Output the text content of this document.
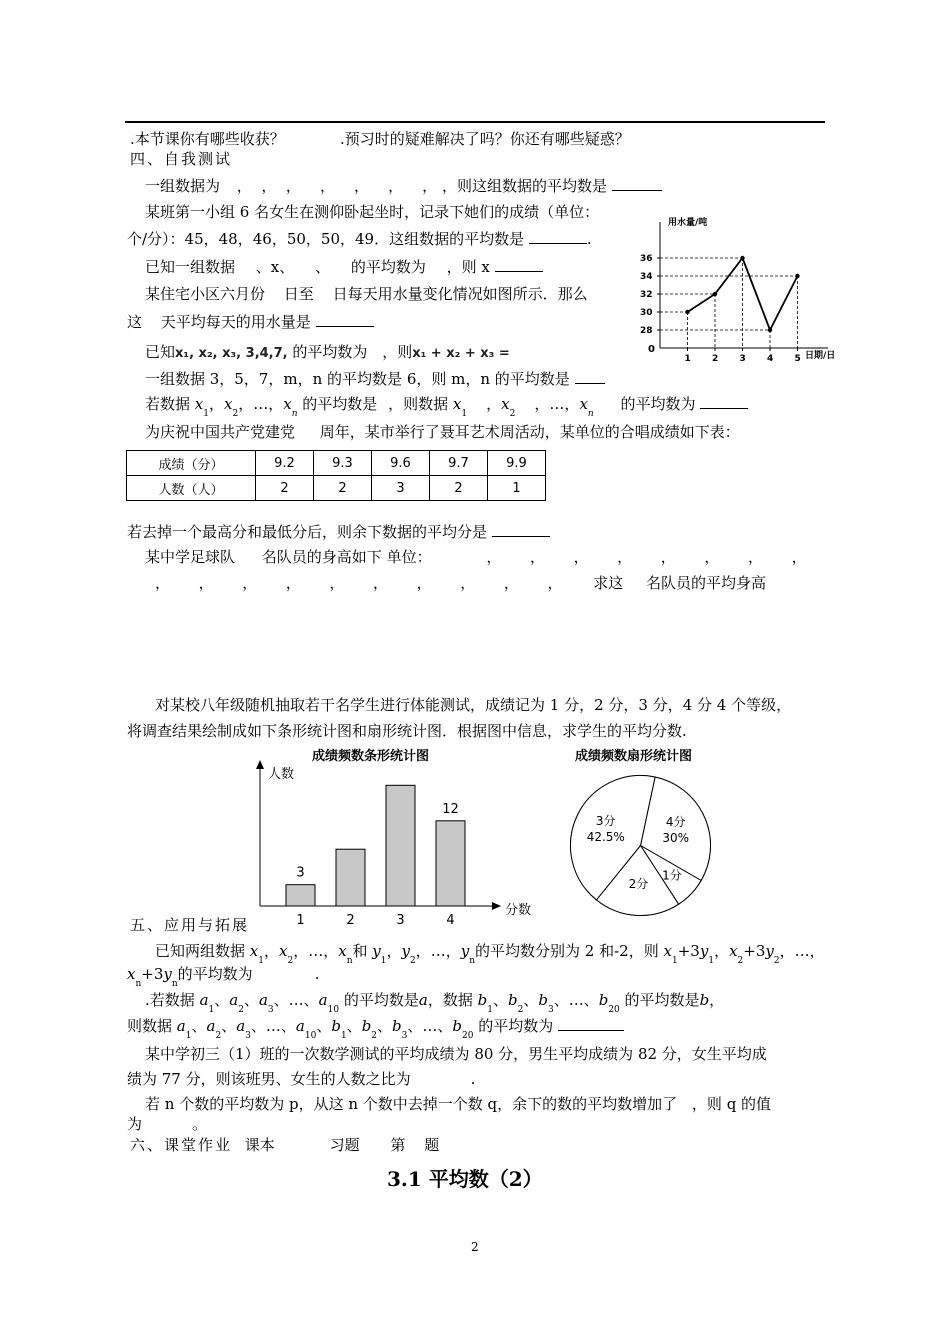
.本节课你有哪些收获？	.预习时的疑难解决了吗？你还有哪些疑惑？
四、自我测试
一组数据为 ，  ，  ，    ，    ，    ，    ， ，则这组数据的平均数是
某班第一小组 6 名女生在测仰卧起坐时，记录下她们的成绩（单位：
个/分）：45，48，46，50，50，49．这组数据的平均数是	.
已知一组数据 、x、 、 的平均数为 ，则 x
某住宅小区六月份 日至 日每天用水量变化情况如图所示．那么
这 天平均每天的用水量是
已知x₁, x₂, x₃, 3,4,7, 的平均数为 ，则x₁ + x₂ + x₃ =
一组数据 3，5，7，m，n 的平均数是 6，则 m，n 的平均数是
若数据 $x_1$，$x_2$，…，$x_n$ 的平均数是 ，则数据 $x_1$    ，$x_2$    ，…，$x_n$ 的平均数为
为庆祝中国共产党建党 周年，某市举行了聂耳艺术周活动，某单位的合唱成绩如下表：
成绩（分）	9.2	9.3	9.6	9.7	9.9
人数（人）	2	2	3	2	1
若去掉一个最高分和最低分后，则余下数据的平均分是
某中学足球队 名队员的身高如下 单位：	，      ，      ，      ，      ，      ，      ，      ，
，      ，      ，      ，      ，      ，      ，      ，      ，      ， 求这 名队员的平均身高
对某校八年级随机抽取若干名学生进行体能测试，成绩记为 1 分，2 分，3 分，4 分 4 个等级，
将调查结果绘制成如下条形统计图和扇形统计图．根据图中信息，求学生的平均分数.
用水量/吨
0
日期/日
28
30
32
34
36
1 2 3 4 5
成绩频数条形统计图
人数
分数
1
3
2	3	4
12
成绩频数扇形统计图
4分
30%
1分
2分
3分
42.5%
五、应用与拓展
已知两组数据 $x_1$，$x_2$，…，$x_n$和 $y_1$，$y_2$，…，$y_n$的平均数分别为 2 和-2，则 $x_1+3y_1$，$x_2+3y_2$，…，
$x_n+3y_n$的平均数为	.
.若数据 $a_1$、$a_2$、$a_3$、…、$a_{10}$ 的平均数是a，数据 $b_1$、$b_2$、$b_3$、…、$b_{20}$ 的平均数是b，
则数据 $a_1$、$a_2$、$a_3$、…、$a_{10}$、$b_1$、$b_2$、$b_3$、…、$b_{20}$ 的平均数为
某中学初三（1）班的一次数学测试的平均成绩为 80 分，男生平均成绩为 82 分，女生平均成
绩为 77 分，则该班男、女生的人数之比为	.
若 n 个数的平均数为 p，从这 n 个数中去掉一个数 q，余下的数的平均数增加了 ，则 q 的值
为	。
六、课堂作业 课本	习题 第 题
3.1 平均数（2）
2
